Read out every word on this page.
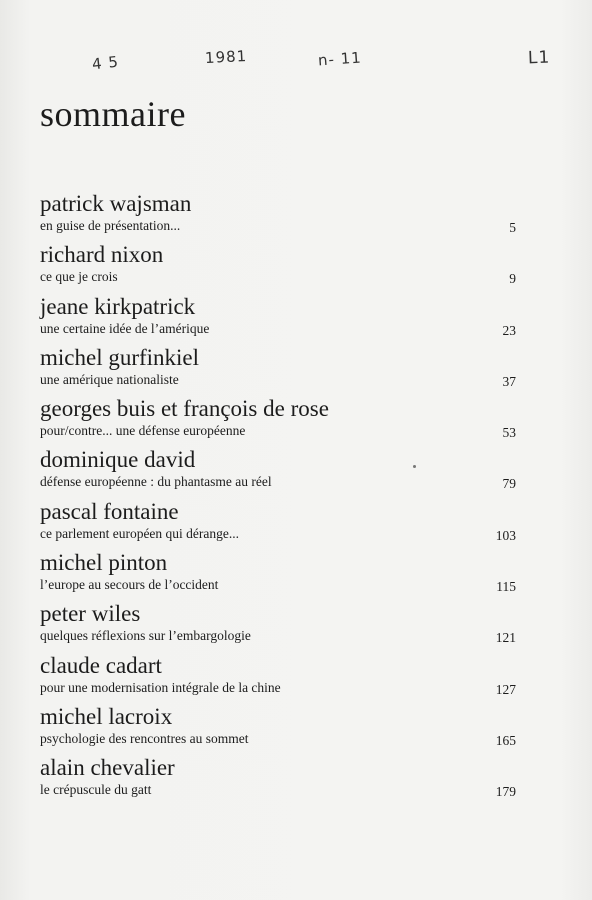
4 5	1981	n- 11	L1
sommaire
patrick wajsman
en guise de présentation...	5
richard nixon
ce que je crois	9
jeane kirkpatrick
une certaine idée de l’amérique	23
michel gurfinkiel
une amérique nationaliste	37
georges buis et françois de rose
pour/contre... une défense européenne	53
dominique david
défense européenne : du phantasme au réel	79
pascal fontaine
ce parlement européen qui dérange...	103
michel pinton
l’europe au secours de l’occident	115
peter wiles
quelques réflexions sur l’embargologie	121
claude cadart
pour une modernisation intégrale de la chine	127
michel lacroix
psychologie des rencontres au sommet	165
alain chevalier
le crépuscule du gatt	179
